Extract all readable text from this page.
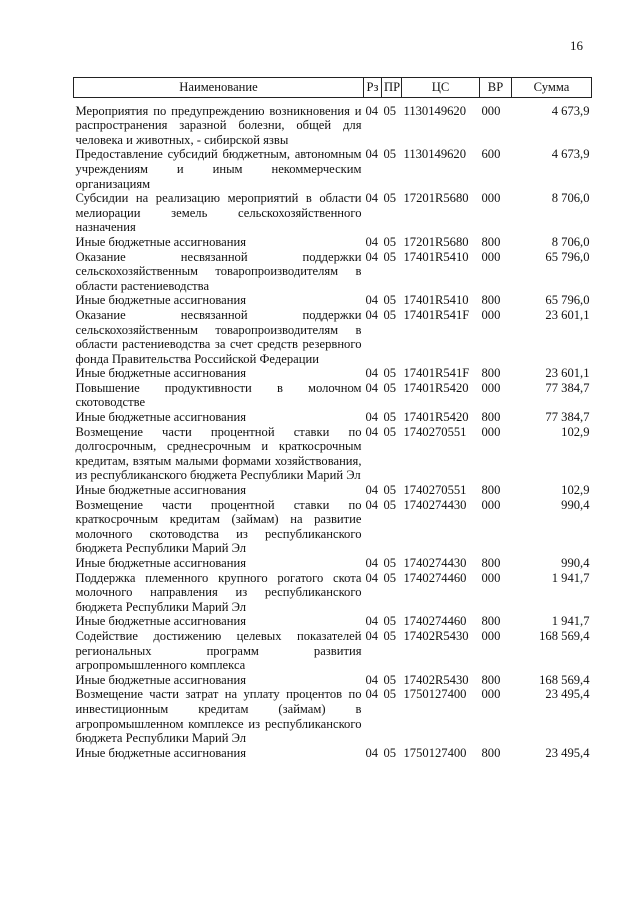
16
Наименование	Рз	ПР	ЦС	ВР	Сумма

Мероприятия по предупреждению возникновения и распространения заразной болезни, общей для человека и животных, - сибирской язвы	04	05	1130149620	000	4 673,9
Предоставление субсидий бюджетным, автономным учреждениям и иным некоммерческим организациям	04	05	1130149620	600	4 673,9
Субсидии на реализацию мероприятий в области мелиорации земель сельскохозяйственного назначения	04	05	17201R5680	000	8 706,0
Иные бюджетные ассигнования	04	05	17201R5680	800	8 706,0
Оказание несвязанной поддержки сельскохозяйственным товаропроизводителям в области растениеводства	04	05	17401R5410	000	65 796,0
Иные бюджетные ассигнования	04	05	17401R5410	800	65 796,0
Оказание несвязанной поддержки сельскохозяйственным товаропроизводителям в области растениеводства за счет средств резервного фонда Правительства Российской Федерации	04	05	17401R541F	000	23 601,1
Иные бюджетные ассигнования	04	05	17401R541F	800	23 601,1
Повышение продуктивности в молочном скотоводстве	04	05	17401R5420	000	77 384,7
Иные бюджетные ассигнования	04	05	17401R5420	800	77 384,7
Возмещение части процентной ставки по долгосрочным, среднесрочным и краткосрочным кредитам, взятым малыми формами хозяйствования, из республиканского бюджета Республики Марий Эл	04	05	1740270551	000	102,9
Иные бюджетные ассигнования	04	05	1740270551	800	102,9
Возмещение части процентной ставки по краткосрочным кредитам (займам) на развитие молочного скотоводства из республиканского бюджета Республики Марий Эл	04	05	1740274430	000	990,4
Иные бюджетные ассигнования	04	05	1740274430	800	990,4
Поддержка племенного крупного рогатого скота молочного направления из республиканского бюджета Республики Марий Эл	04	05	1740274460	000	1 941,7
Иные бюджетные ассигнования	04	05	1740274460	800	1 941,7
Содействие достижению целевых показателей региональных программ развития агропромышленного комплекса	04	05	17402R5430	000	168 569,4
Иные бюджетные ассигнования	04	05	17402R5430	800	168 569,4
Возмещение части затрат на уплату процентов по инвестиционным кредитам (займам) в агропромышленном комплексе из республиканского бюджета Республики Марий Эл	04	05	1750127400	000	23 495,4
Иные бюджетные ассигнования	04	05	1750127400	800	23 495,4
